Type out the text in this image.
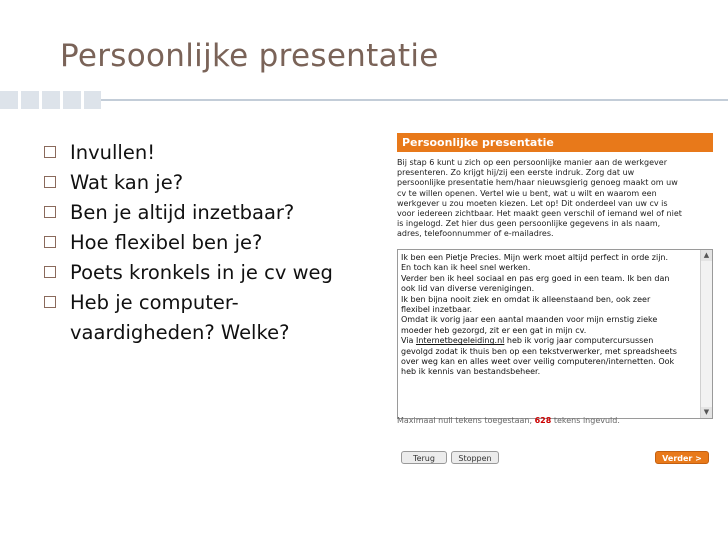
Persoonlijke presentatie
Invullen!
Wat kan je?
Ben je altijd inzetbaar?
Hoe flexibel ben je?
Poets kronkels in je cv weg
Heb je computer-
vaardigheden? Welke?
Persoonlijke presentatie
Bij stap 6 kunt u zich op een persoonlijke manier aan de werkgever
presenteren. Zo krijgt hij/zij een eerste indruk. Zorg dat uw
persoonlijke presentatie hem/haar nieuwsgierig genoeg maakt om uw
cv te willen openen. Vertel wie u bent, wat u wilt en waarom een
werkgever u zou moeten kiezen. Let op! Dit onderdeel van uw cv is
voor iedereen zichtbaar. Het maakt geen verschil of iemand wel of niet
is ingelogd. Zet hier dus geen persoonlijke gegevens in als naam,
adres, telefoonnummer of e-mailadres.
Ik ben een Pietje Precies. Mijn werk moet altijd perfect in orde zijn.
En toch kan ik heel snel werken.
Verder ben ik heel sociaal en pas erg goed in een team. Ik ben dan
ook lid van diverse verenigingen.
Ik ben bijna nooit ziek en omdat ik alleenstaand ben, ook zeer
flexibel inzetbaar.
Omdat ik vorig jaar een aantal maanden voor mijn ernstig zieke
moeder heb gezorgd, zit er een gat in mijn cv.
Via Internetbegeleiding.nl heb ik vorig jaar computercursussen
gevolgd zodat ik thuis ben op een tekstverwerker, met spreadsheets
over weg kan en alles weet over veilig computeren/internetten. Ook
heb ik kennis van bestandsbeheer.
▲
▼
Maximaal null tekens toegestaan, 628 tekens ingevuld.
Terug	Stoppen	Verder >
